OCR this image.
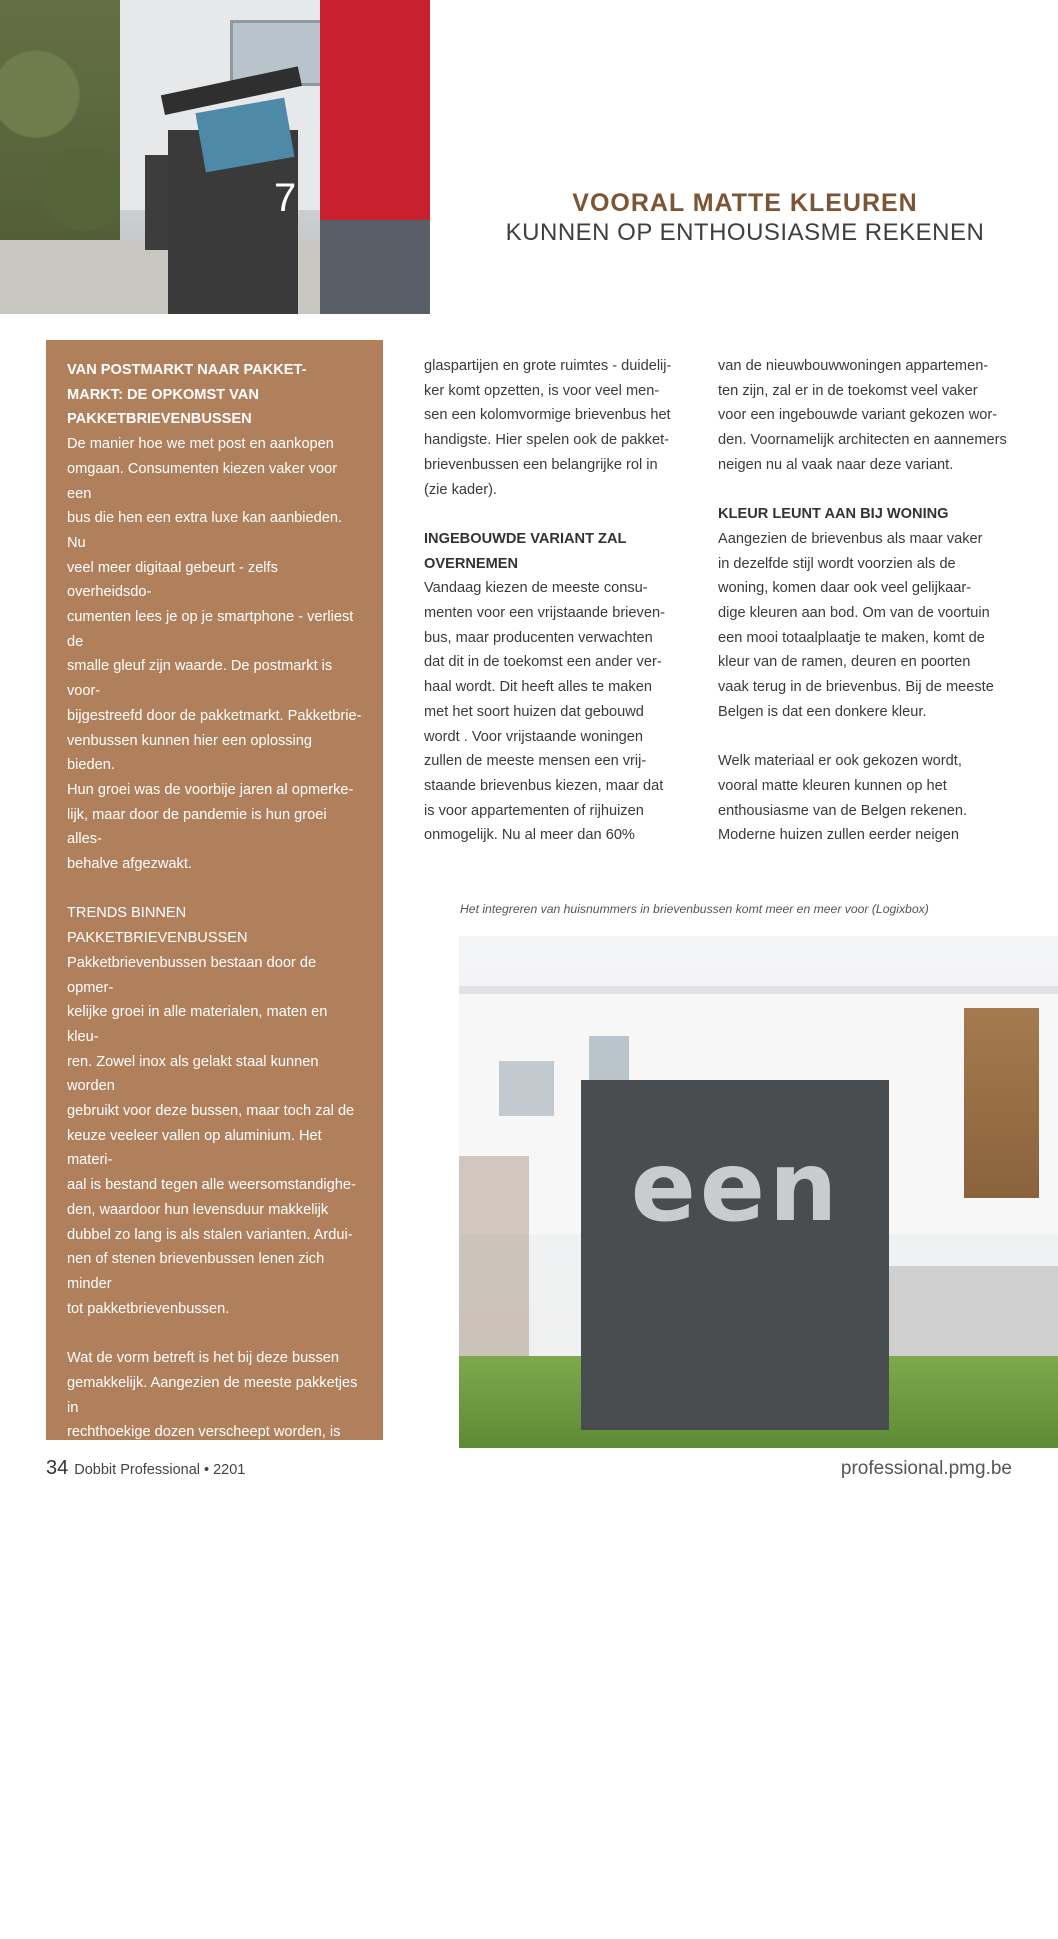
7	VOORAL MATTE KLEUREN
KUNNEN OP ENTHOUSIASME REKENEN

VAN POSTMARKT NAAR PAKKET-
MARKT: DE OPKOMST VAN
PAKKETBRIEVENBUSSEN

De manier hoe we met post en aankopen
omgaan. Consumenten kiezen vaker voor een
bus die hen een extra luxe kan aanbieden. Nu
veel meer digitaal gebeurt - zelfs overheidsdo-
cumenten lees je op je smartphone - verliest de
smalle gleuf zijn waarde. De postmarkt is voor-
bijgestreefd door de pakketmarkt. Pakketbrie-
venbussen kunnen hier een oplossing bieden.
Hun groei was de voorbije jaren al opmerke-
lijk, maar door de pandemie is hun groei alles-
behalve afgezwakt.

TRENDS BINNEN PAKKETBRIEVENBUSSEN

Pakketbrievenbussen bestaan door de opmer-
kelijke groei in alle materialen, maten en kleu-
ren. Zowel inox als gelakt staal kunnen worden
gebruikt voor deze bussen, maar toch zal de
keuze veeleer vallen op aluminium. Het materi-
aal is bestand tegen alle weersomstandighe-
den, waardoor hun levensduur makkelijk
dubbel zo lang is als stalen varianten. Ardui-
nen of stenen brievenbussen lenen zich minder
tot pakketbrievenbussen.

Wat de vorm betreft is het bij deze bussen
gemakkelijk. Aangezien de meeste pakketjes in
rechthoekige dozen verscheept worden, is het
vanzelfsprekend om ook de brievenbussen
zuilvormig te houden. Deze kunnen ook mak-
kelijk van een pakketvak voorzien worden.
Daarbovenop lenen deze bussen zich er per-
fect toe om meerdere pakketten per dag te sta-
pelen.

Qua afmetingen zijn er wel wat veranderingen
in aantocht. Waar het vroeger genoeg was om
de afmetingen van een schoendoos te behou-
den, zijn de meeste pakketjes vaak al veel gro-
ter. Deze verandering is nu al bezig, maar zal
in de toekomst nog verder uitgewerkt worden.

glaspartijen en grote ruimtes - duidelij-
ker komt opzetten, is voor veel men-
sen een kolomvormige brievenbus het
handigste. Hier spelen ook de pakket-
brievenbussen een belangrijke rol in
(zie kader).

INGEBOUWDE VARIANT ZAL
OVERNEMEN

Vandaag kiezen de meeste consu-
menten voor een vrijstaande brieven-
bus, maar producenten verwachten
dat dit in de toekomst een ander ver-
haal wordt. Dit heeft alles te maken
met het soort huizen dat gebouwd
wordt . Voor vrijstaande woningen
zullen de meeste mensen een vrij-
staande brievenbus kiezen, maar dat
is voor appartementen of rijhuizen
onmogelijk. Nu al meer dan 60%

van de nieuwbouwwoningen appartemen-
ten zijn, zal er in de toekomst veel vaker
voor een ingebouwde variant gekozen wor-
den. Voornamelijk architecten en aannemers
neigen nu al vaak naar deze variant.

KLEUR LEUNT AAN BIJ WONING

Aangezien de brievenbus als maar vaker
in dezelfde stijl wordt voorzien als de
woning, komen daar ook veel gelijkaar-
dige kleuren aan bod. Om van de voortuin
een mooi totaalplaatje te maken, komt de
kleur van de ramen, deuren en poorten
vaak terug in de brievenbus. Bij de meeste
Belgen is dat een donkere kleur.

Welk materiaal er ook gekozen wordt,
vooral matte kleuren kunnen op het
enthousiasme van de Belgen rekenen.
Moderne huizen zullen eerder neigen

Het integreren van huisnummers in brievenbussen komt meer en meer voor (Logixbox)
een
34 Dobbit Professional • 2201	professional.pmg.be
